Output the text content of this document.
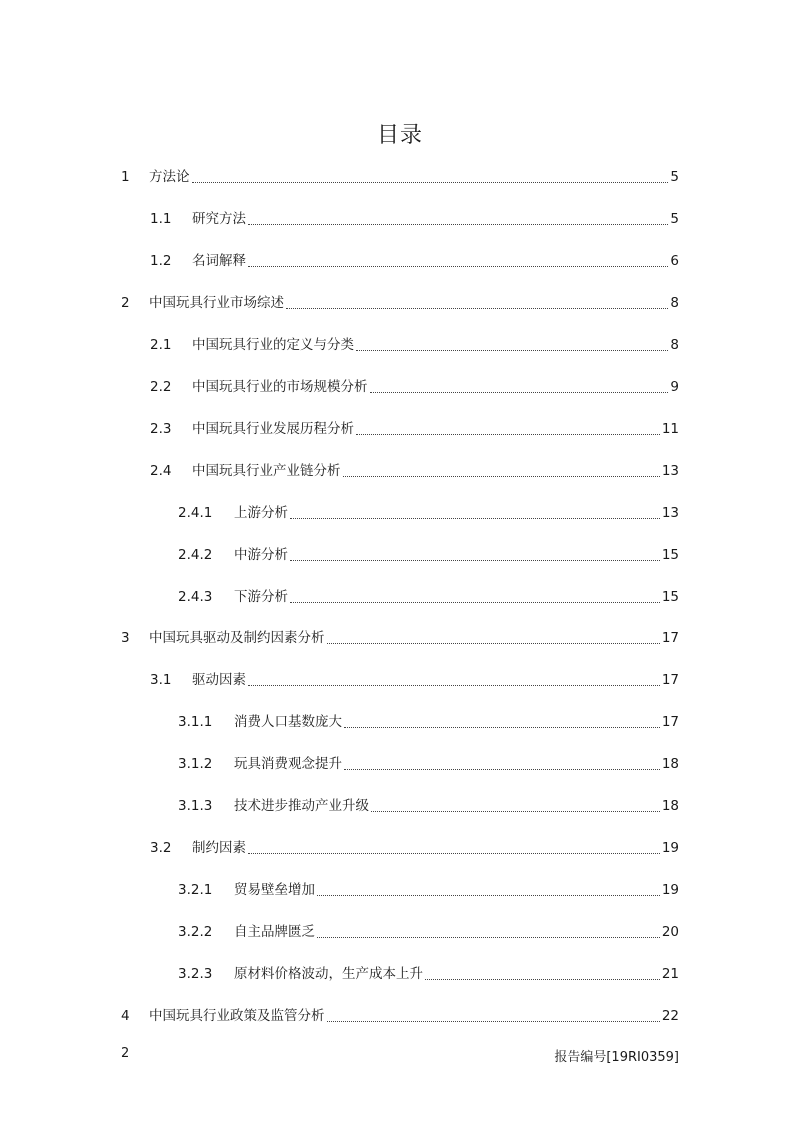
目录
1	方法论	5
1.1	研究方法	5
1.2	名词解释	6
2	中国玩具行业市场综述	8
2.1	中国玩具行业的定义与分类	8
2.2	中国玩具行业的市场规模分析	9
2.3	中国玩具行业发展历程分析	11
2.4	中国玩具行业产业链分析	13
2.4.1	上游分析	13
2.4.2	中游分析	15
2.4.3	下游分析	15
3	中国玩具驱动及制约因素分析	17
3.1	驱动因素	17
3.1.1	消费人口基数庞大	17
3.1.2	玩具消费观念提升	18
3.1.3	技术进步推动产业升级	18
3.2	制约因素	19
3.2.1	贸易壁垒增加	19
3.2.2	自主品牌匮乏	20
3.2.3	原材料价格波动，生产成本上升	21
4	中国玩具行业政策及监管分析	22
2	报告编号[19RI0359]
